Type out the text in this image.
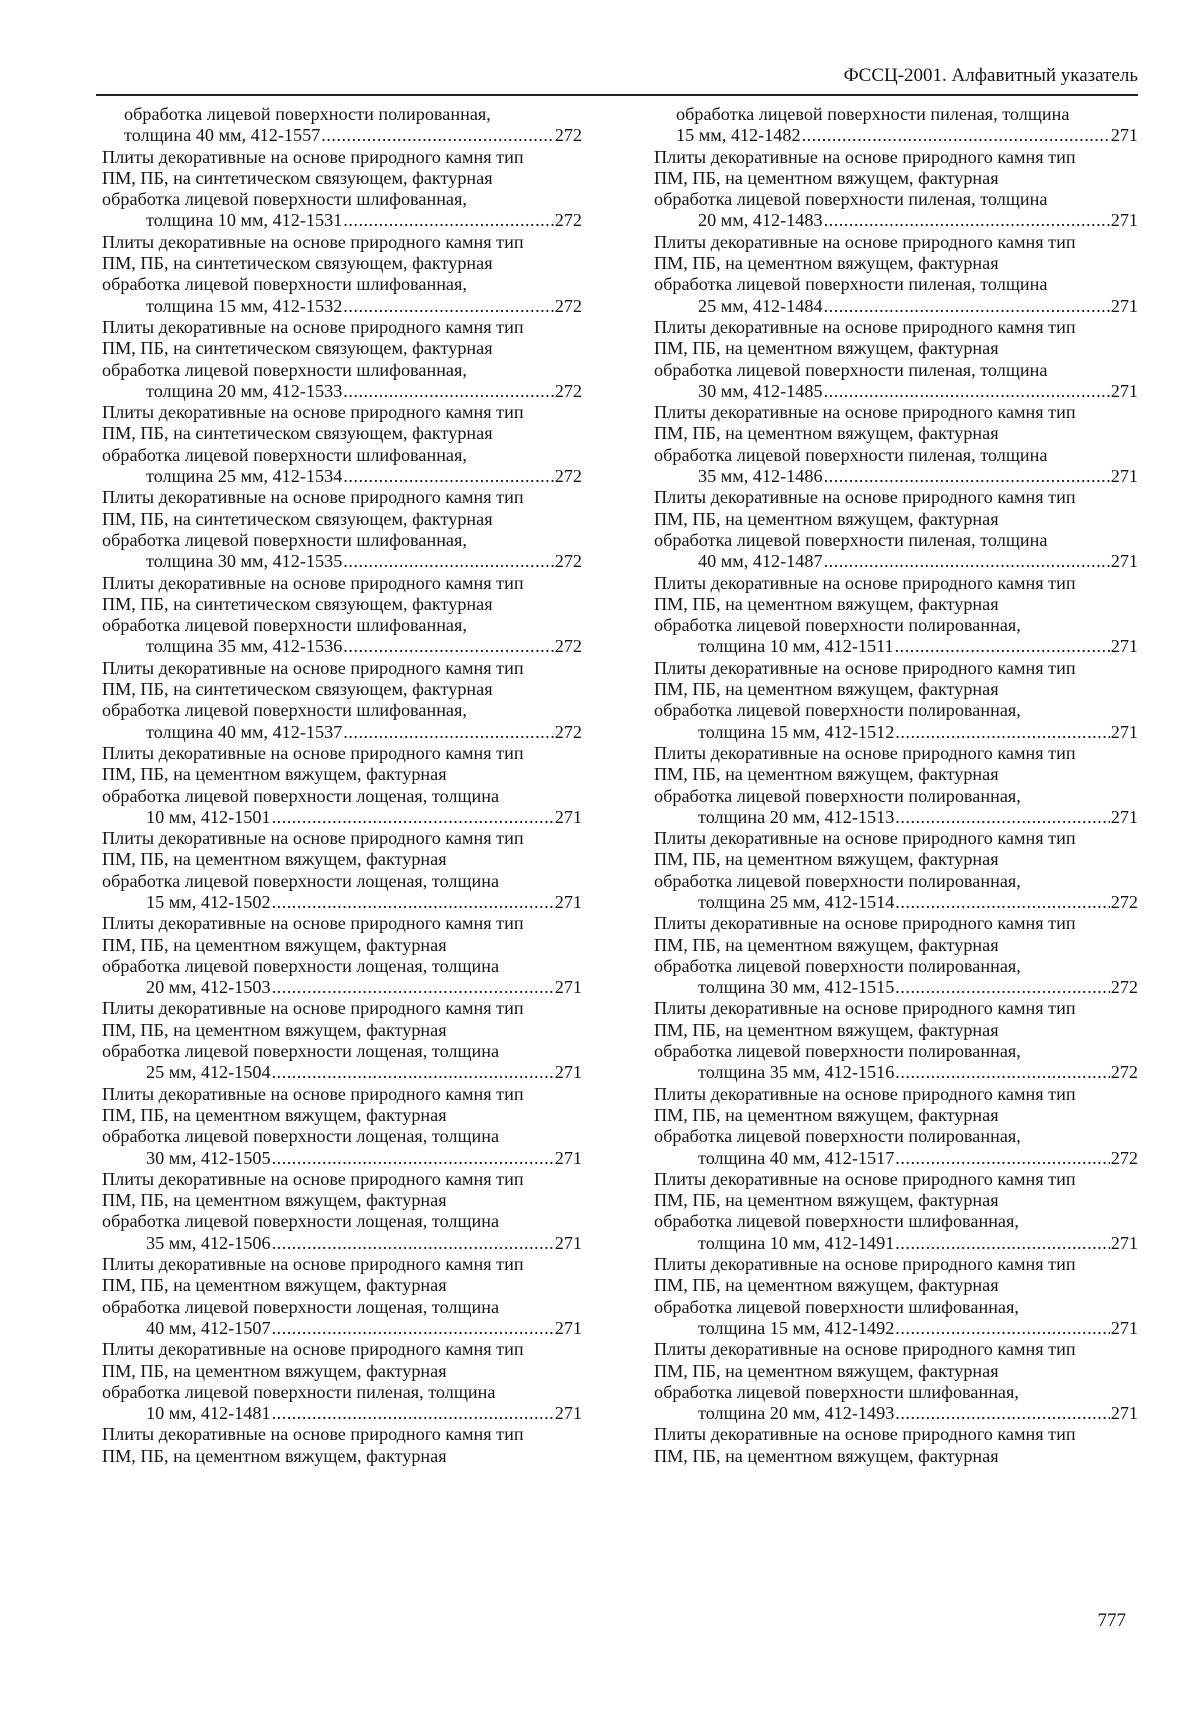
ФССЦ-2001. Алфавитный указатель
обработка лицевой поверхности полированная,
толщина 40 мм, 412-1557 .....	272
Плиты декоративные на основе природного камня тип
ПМ, ПБ, на синтетическом связующем, фактурная
обработка лицевой поверхности шлифованная,
толщина 10 мм, 412-1531 .....	272
Плиты декоративные на основе природного камня тип
ПМ, ПБ, на синтетическом связующем, фактурная
обработка лицевой поверхности шлифованная,
толщина 15 мм, 412-1532 .....	272
Плиты декоративные на основе природного камня тип
ПМ, ПБ, на синтетическом связующем, фактурная
обработка лицевой поверхности шлифованная,
толщина 20 мм, 412-1533 .....	272
Плиты декоративные на основе природного камня тип
ПМ, ПБ, на синтетическом связующем, фактурная
обработка лицевой поверхности шлифованная,
толщина 25 мм, 412-1534 .....	272
Плиты декоративные на основе природного камня тип
ПМ, ПБ, на синтетическом связующем, фактурная
обработка лицевой поверхности шлифованная,
толщина 30 мм, 412-1535 .....	272
Плиты декоративные на основе природного камня тип
ПМ, ПБ, на синтетическом связующем, фактурная
обработка лицевой поверхности шлифованная,
толщина 35 мм, 412-1536 .....	272
Плиты декоративные на основе природного камня тип
ПМ, ПБ, на синтетическом связующем, фактурная
обработка лицевой поверхности шлифованная,
толщина 40 мм, 412-1537 .....	272
Плиты декоративные на основе природного камня тип
ПМ, ПБ, на цементном вяжущем, фактурная
обработка лицевой поверхности лощеная, толщина
10 мм, 412-1501 .....	271
Плиты декоративные на основе природного камня тип
ПМ, ПБ, на цементном вяжущем, фактурная
обработка лицевой поверхности лощеная, толщина
15 мм, 412-1502 .....	271
Плиты декоративные на основе природного камня тип
ПМ, ПБ, на цементном вяжущем, фактурная
обработка лицевой поверхности лощеная, толщина
20 мм, 412-1503 .....	271
Плиты декоративные на основе природного камня тип
ПМ, ПБ, на цементном вяжущем, фактурная
обработка лицевой поверхности лощеная, толщина
25 мм, 412-1504 .....	271
Плиты декоративные на основе природного камня тип
ПМ, ПБ, на цементном вяжущем, фактурная
обработка лицевой поверхности лощеная, толщина
30 мм, 412-1505 .....	271
Плиты декоративные на основе природного камня тип
ПМ, ПБ, на цементном вяжущем, фактурная
обработка лицевой поверхности лощеная, толщина
35 мм, 412-1506 .....	271
Плиты декоративные на основе природного камня тип
ПМ, ПБ, на цементном вяжущем, фактурная
обработка лицевой поверхности лощеная, толщина
40 мм, 412-1507 .....	271
Плиты декоративные на основе природного камня тип
ПМ, ПБ, на цементном вяжущем, фактурная
обработка лицевой поверхности пиленая, толщина
10 мм, 412-1481 .....	271
Плиты декоративные на основе природного камня тип
ПМ, ПБ, на цементном вяжущем, фактурная
обработка лицевой поверхности пиленая, толщина
15 мм, 412-1482 .....	271
Плиты декоративные на основе природного камня тип
ПМ, ПБ, на цементном вяжущем, фактурная
обработка лицевой поверхности пиленая, толщина
20 мм, 412-1483 .....	271
Плиты декоративные на основе природного камня тип
ПМ, ПБ, на цементном вяжущем, фактурная
обработка лицевой поверхности пиленая, толщина
25 мм, 412-1484 .....	271
Плиты декоративные на основе природного камня тип
ПМ, ПБ, на цементном вяжущем, фактурная
обработка лицевой поверхности пиленая, толщина
30 мм, 412-1485 .....	271
Плиты декоративные на основе природного камня тип
ПМ, ПБ, на цементном вяжущем, фактурная
обработка лицевой поверхности пиленая, толщина
35 мм, 412-1486 .....	271
Плиты декоративные на основе природного камня тип
ПМ, ПБ, на цементном вяжущем, фактурная
обработка лицевой поверхности пиленая, толщина
40 мм, 412-1487 .....	271
Плиты декоративные на основе природного камня тип
ПМ, ПБ, на цементном вяжущем, фактурная
обработка лицевой поверхности полированная,
толщина 10 мм, 412-1511 .....	271
Плиты декоративные на основе природного камня тип
ПМ, ПБ, на цементном вяжущем, фактурная
обработка лицевой поверхности полированная,
толщина 15 мм, 412-1512 .....	271
Плиты декоративные на основе природного камня тип
ПМ, ПБ, на цементном вяжущем, фактурная
обработка лицевой поверхности полированная,
толщина 20 мм, 412-1513 .....	271
Плиты декоративные на основе природного камня тип
ПМ, ПБ, на цементном вяжущем, фактурная
обработка лицевой поверхности полированная,
толщина 25 мм, 412-1514 .....	272
Плиты декоративные на основе природного камня тип
ПМ, ПБ, на цементном вяжущем, фактурная
обработка лицевой поверхности полированная,
толщина 30 мм, 412-1515 .....	272
Плиты декоративные на основе природного камня тип
ПМ, ПБ, на цементном вяжущем, фактурная
обработка лицевой поверхности полированная,
толщина 35 мм, 412-1516 .....	272
Плиты декоративные на основе природного камня тип
ПМ, ПБ, на цементном вяжущем, фактурная
обработка лицевой поверхности полированная,
толщина 40 мм, 412-1517 .....	272
Плиты декоративные на основе природного камня тип
ПМ, ПБ, на цементном вяжущем, фактурная
обработка лицевой поверхности шлифованная,
толщина 10 мм, 412-1491 .....	271
Плиты декоративные на основе природного камня тип
ПМ, ПБ, на цементном вяжущем, фактурная
обработка лицевой поверхности шлифованная,
толщина 15 мм, 412-1492 .....	271
Плиты декоративные на основе природного камня тип
ПМ, ПБ, на цементном вяжущем, фактурная
обработка лицевой поверхности шлифованная,
толщина 20 мм, 412-1493 .....	271
Плиты декоративные на основе природного камня тип
ПМ, ПБ, на цементном вяжущем, фактурная
777
